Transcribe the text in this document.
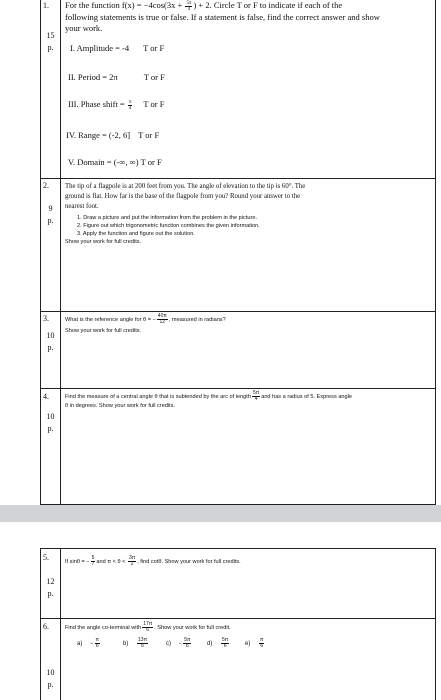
1.
15
p.
For the function $f(x) = -4\cos(3x + \frac{5\pi}{4}$ ) + 2. Circle T or F to indicate if each of the
following statements is true or false. If a statement is false, find the correct answer and show
your work.
I. Amplitude = -4 T or F
II. Period = 2π	T or F
III. Phase shift = $\frac{\pi}{4}$ T or F
IV. Range = (-2, 6] T or F
V. Domain = (-∞, ∞) T or F
2.
9
p.
The tip of a flagpole is at 200 feet from you. The angle of elevation to the tip is 60°. The
ground is flat. How far is the base of the flagpole from you? Round your answer to the
nearest foot.
1. Draw a picture and put the information from the problem in the picture.
2. Figure out which trigonometric function combines the given information.
3. Apply the function and figure out the solution.
Show your work for full credits.
3.
10
p.
What is the reference angle for θ = − $\frac{40\pi}{12}$ , measured in radians?
Show your work for full credits.
4.
10
p.
Find the measure of a central angle θ that is subtended by the arc of length $\frac{5\pi}{4}$ and has a radius of 5. Express angle
θ in degrees. Show your work for full credits.
5.
12
p.
If sinθ = − $\frac{5}{7}$ and $\pi < \theta < \frac{3\pi}{2}$ , find cotθ. Show your work for full credits.
6.
10
p.
Find the angle co-terminal with $\frac{17\pi}{6}$ . Show your work for full credit.
$a) - \frac{\pi}{6}$	$b) \frac{13\pi}{6}$	$c) - \frac{5\pi}{6}$	$d) \frac{5\pi}{6}$	$e) \frac{\pi}{6}$
